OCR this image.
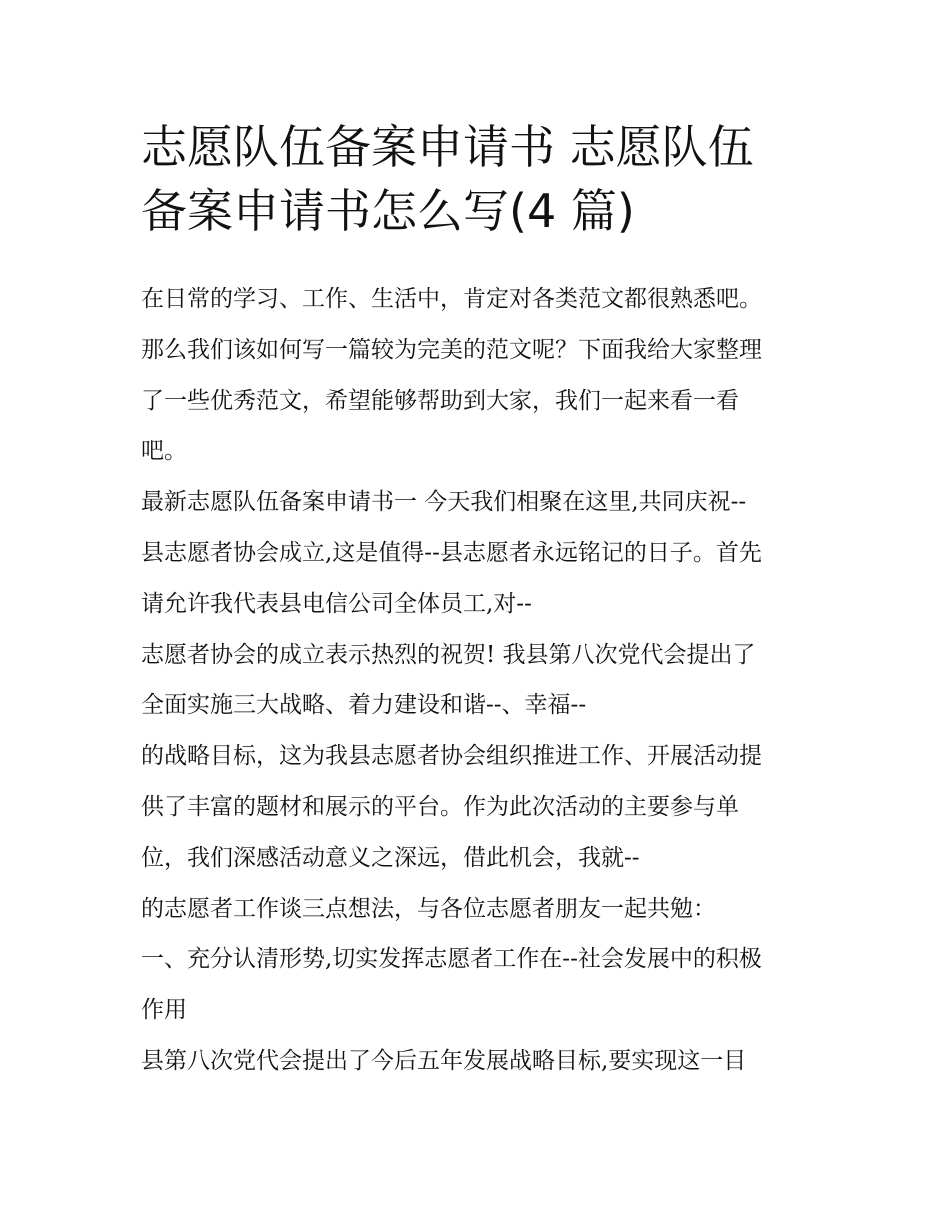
志愿队伍备案申请书 志愿队伍
备案申请书怎么写(4 篇)
在日常的学习、工作、生活中，肯定对各类范文都很熟悉吧。
那么我们该如何写一篇较为完美的范文呢？下面我给大家整理
了一些优秀范文，希望能够帮助到大家，我们一起来看一看
吧。
最新志愿队伍备案申请书一 今天我们相聚在这里,共同庆祝--
县志愿者协会成立,这是值得--县志愿者永远铭记的日子。首先
请允许我代表县电信公司全体员工,对--
志愿者协会的成立表示热烈的祝贺! 我县第八次党代会提出了
全面实施三大战略、着力建设和谐--、幸福--
的战略目标，这为我县志愿者协会组织推进工作、开展活动提
供了丰富的题材和展示的平台。作为此次活动的主要参与单
位，我们深感活动意义之深远，借此机会，我就--
的志愿者工作谈三点想法，与各位志愿者朋友一起共勉：
一、充分认清形势,切实发挥志愿者工作在--社会发展中的积极
作用
县第八次党代会提出了今后五年发展战略目标,要实现这一目
